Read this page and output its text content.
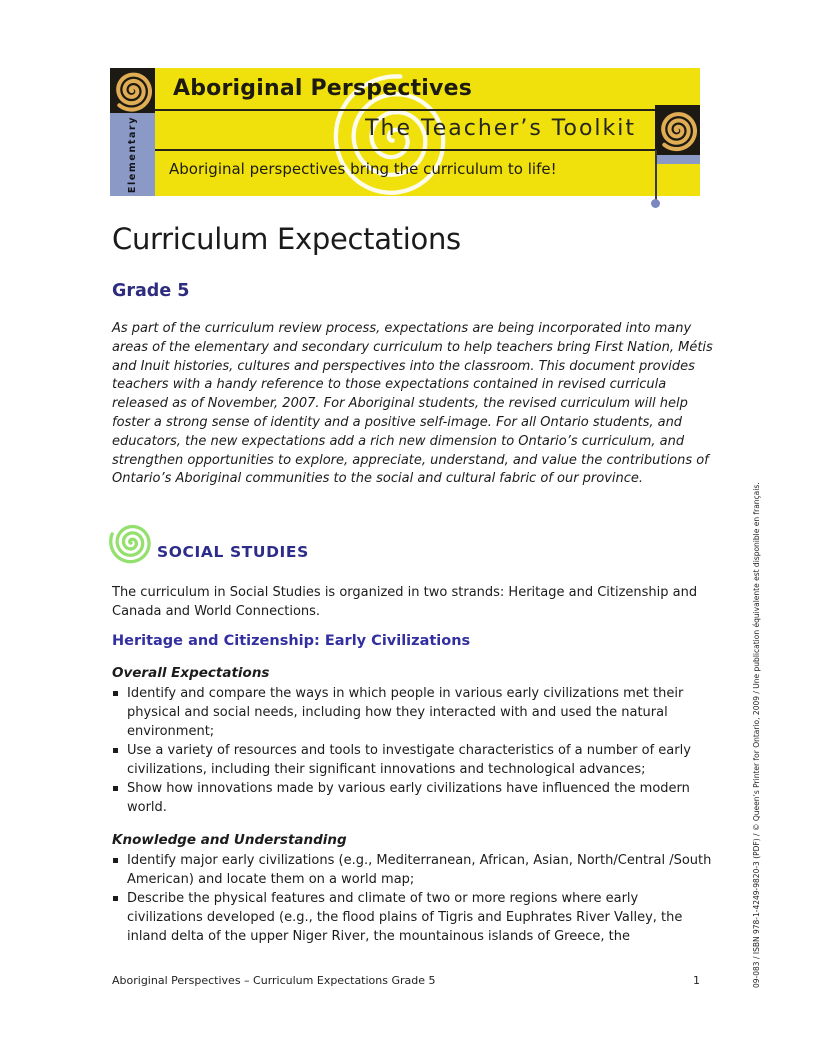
Elementary
Aboriginal Perspectives
The Teacher’s Toolkit
Aboriginal perspectives bring the curriculum to life!
Curriculum Expectations
Grade 5
As part of the curriculum review process, expectations are being incorporated into many areas of the elementary and secondary curriculum to help teachers bring First Nation, Métis and Inuit histories, cultures and perspectives into the classroom. This document provides teachers with a handy reference to those expectations contained in revised curricula released as of November, 2007. For Aboriginal students, the revised curriculum will help foster a strong sense of identity and a positive self-image. For all Ontario students, and educators, the new expectations add a rich new dimension to Ontario’s curriculum, and strengthen opportunities to explore, appreciate, understand, and value the contributions of Ontario’s Aboriginal communities to the social and cultural fabric of our province.
SOCIAL STUDIES
The curriculum in Social Studies is organized in two strands: Heritage and Citizenship and Canada and World Connections.
Heritage and Citizenship: Early Civilizations
Overall Expectations
Identify and compare the ways in which people in various early civilizations met their physical and social needs, including how they interacted with and used the natural environment;
Use a variety of resources and tools to investigate characteristics of a number of early civilizations, including their significant innovations and technological advances;
Show how innovations made by various early civilizations have influenced the modern world.
Knowledge and Understanding
Identify major early civilizations (e.g., Mediterranean, African, Asian, North/Central /South American) and locate them on a world map;
Describe the physical features and climate of two or more regions where early civilizations developed (e.g., the flood plains of Tigris and Euphrates River Valley, the inland delta of the upper Niger River, the mountainous islands of Greece, the
Aboriginal Perspectives – Curriculum Expectations Grade 5	1	09-083 / ISBN 978-1-4249-9820-3 (PDF) / © Queen’s Printer for Ontario, 2009 / Une publication équivalente est disponible en français.
